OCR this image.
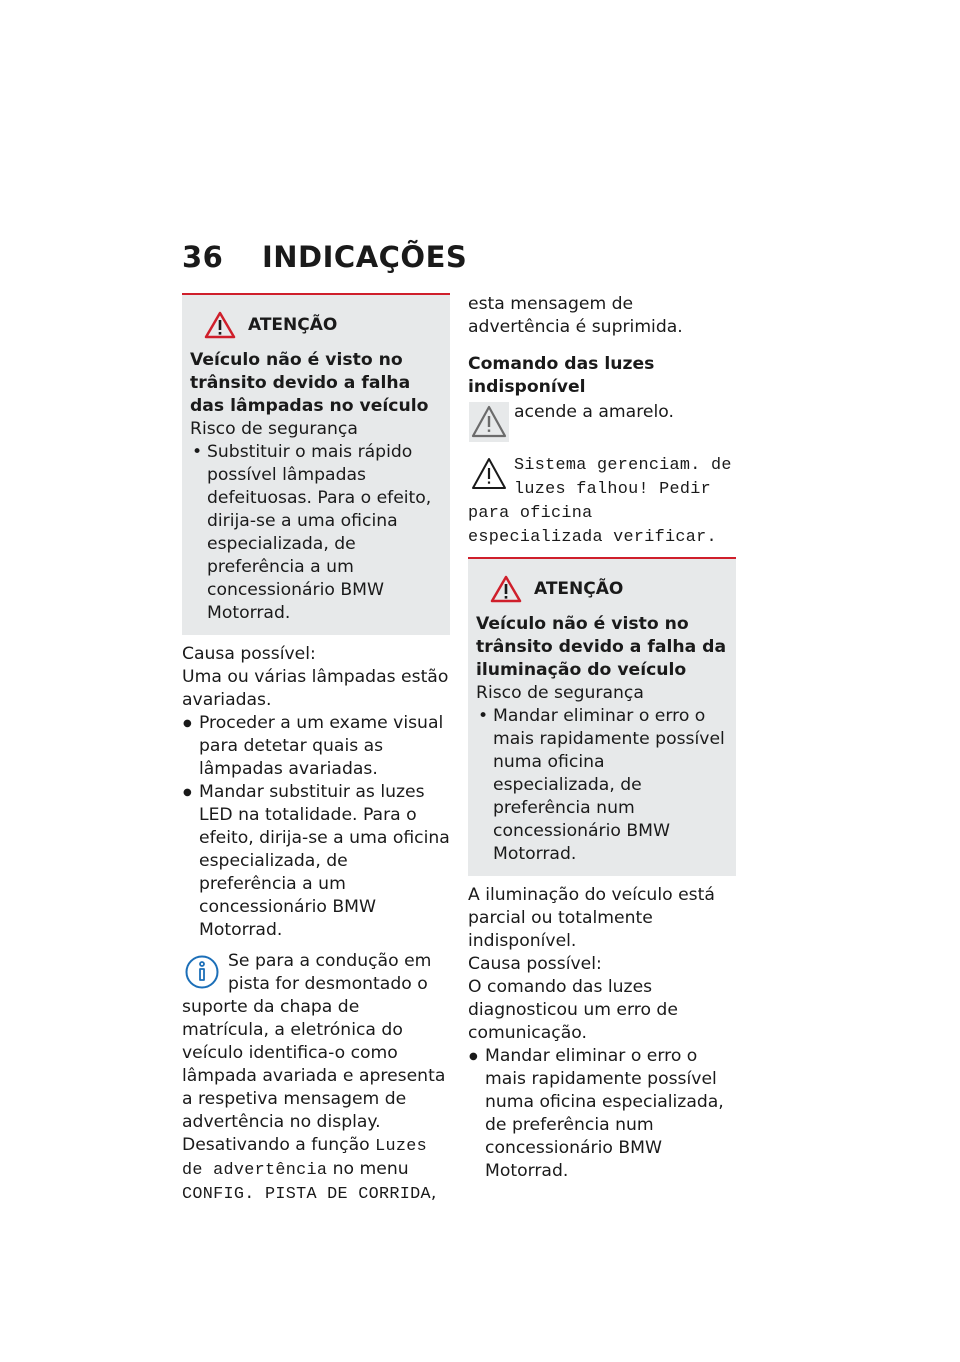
36 INDICAÇÕES
ATENÇÃO

Veículo não é visto no trânsito devido a falha das lâmpadas no veículo

Risco de segurança

• Substituir o mais rápido possível lâmpadas defeituosas. Para o efeito, dirija-se a uma oficina especializada, de preferência a um concessionário BMW Motorrad.

Causa possível:

Uma ou várias lâmpadas estão avariadas.

● Proceder a um exame visual para detetar quais as lâmpadas avariadas.
● Mandar substituir as luzes LED na totalidade. Para o efeito, dirija-se a uma oficina especializada, de preferência a um concessionário BMW Motorrad.
Se para a condução em pista for desmontado o suporte da chapa de matrícula, a eletrónica do veículo identifica-o como lâmpada avariada e apresenta a respetiva mensagem de advertência no display. Desativando a função Luzes de advertência no menu CONFIG. PISTA DE CORRIDA,

esta mensagem de advertência é suprimida.

Comando das luzes indisponível

acende a amarelo.
Sistema gerenciam. de luzes falhou! Pedir para oficina especializada verificar.
ATENÇÃO

Veículo não é visto no trânsito devido a falha da iluminação do veículo

Risco de segurança

• Mandar eliminar o erro o mais rapidamente possível numa oficina especializada, de preferência num concessionário BMW Motorrad.

A iluminação do veículo está parcial ou totalmente indisponível.

Causa possível:

O comando das luzes diagnosticou um erro de comunicação.

● Mandar eliminar o erro o mais rapidamente possível numa oficina especializada, de preferência num concessionário BMW Motorrad.
